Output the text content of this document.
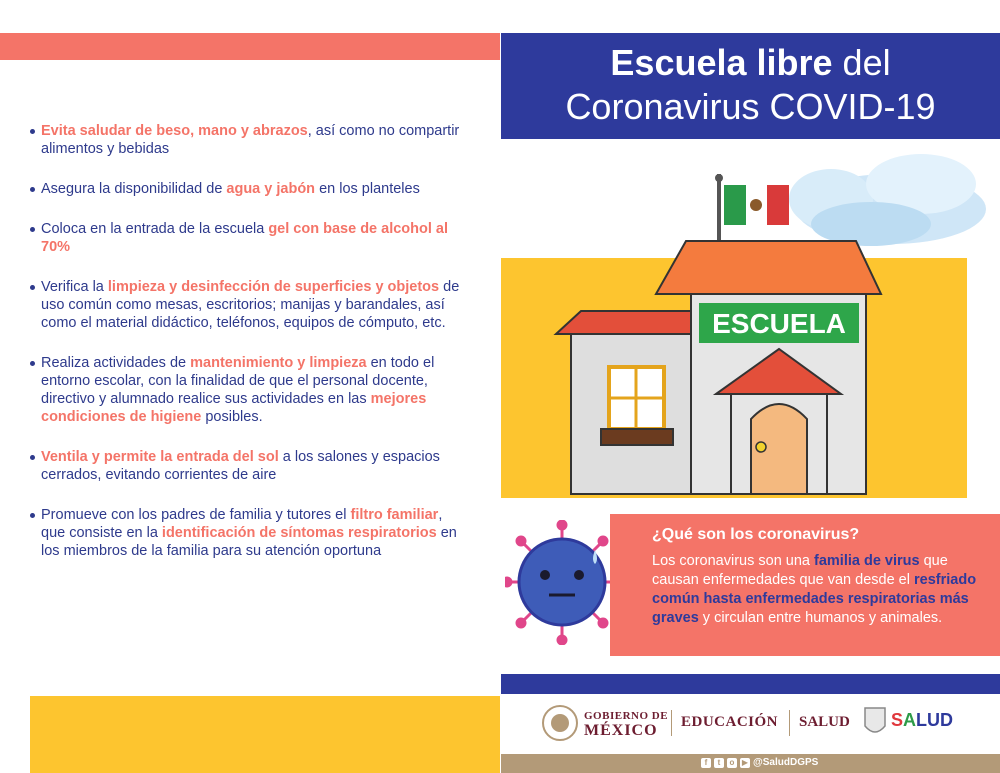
Evita saludar de beso, mano y abrazos, así como no compartir alimentos y bebidas
Asegura la disponibilidad de agua y jabón en los planteles
Coloca en la entrada de la escuela gel con base de alcohol al 70%
Verifica la limpieza y desinfección de superficies y objetos de uso común como mesas, escritorios; manijas y barandales, así como el material didáctico, teléfonos, equipos de cómputo, etc.
Realiza actividades de mantenimiento y limpieza en todo el entorno escolar, con la finalidad de que el personal docente, directivo y alumnado realice sus actividades en las mejores condiciones de higiene posibles.
Ventila y permite la entrada del sol a los salones y espacios cerrados, evitando corrientes de aire
Promueve con los padres de familia y tutores el filtro familiar, que consiste en la identificación de síntomas respiratorios en los miembros de la familia para su atención oportuna
Escuela libre del
Coronavirus COVID-19
ESCUELA
¿Qué son los coronavirus?
Los coronavirus son una familia de virus que causan enfermedades que van desde el resfriado común hasta enfermedades respiratorias más graves y circulan entre humanos y animales.
GOBIERNO DE
MÉXICO EDUCACIÓN SALUD SALUD
f	t	o ▶ @SaludDGPS
